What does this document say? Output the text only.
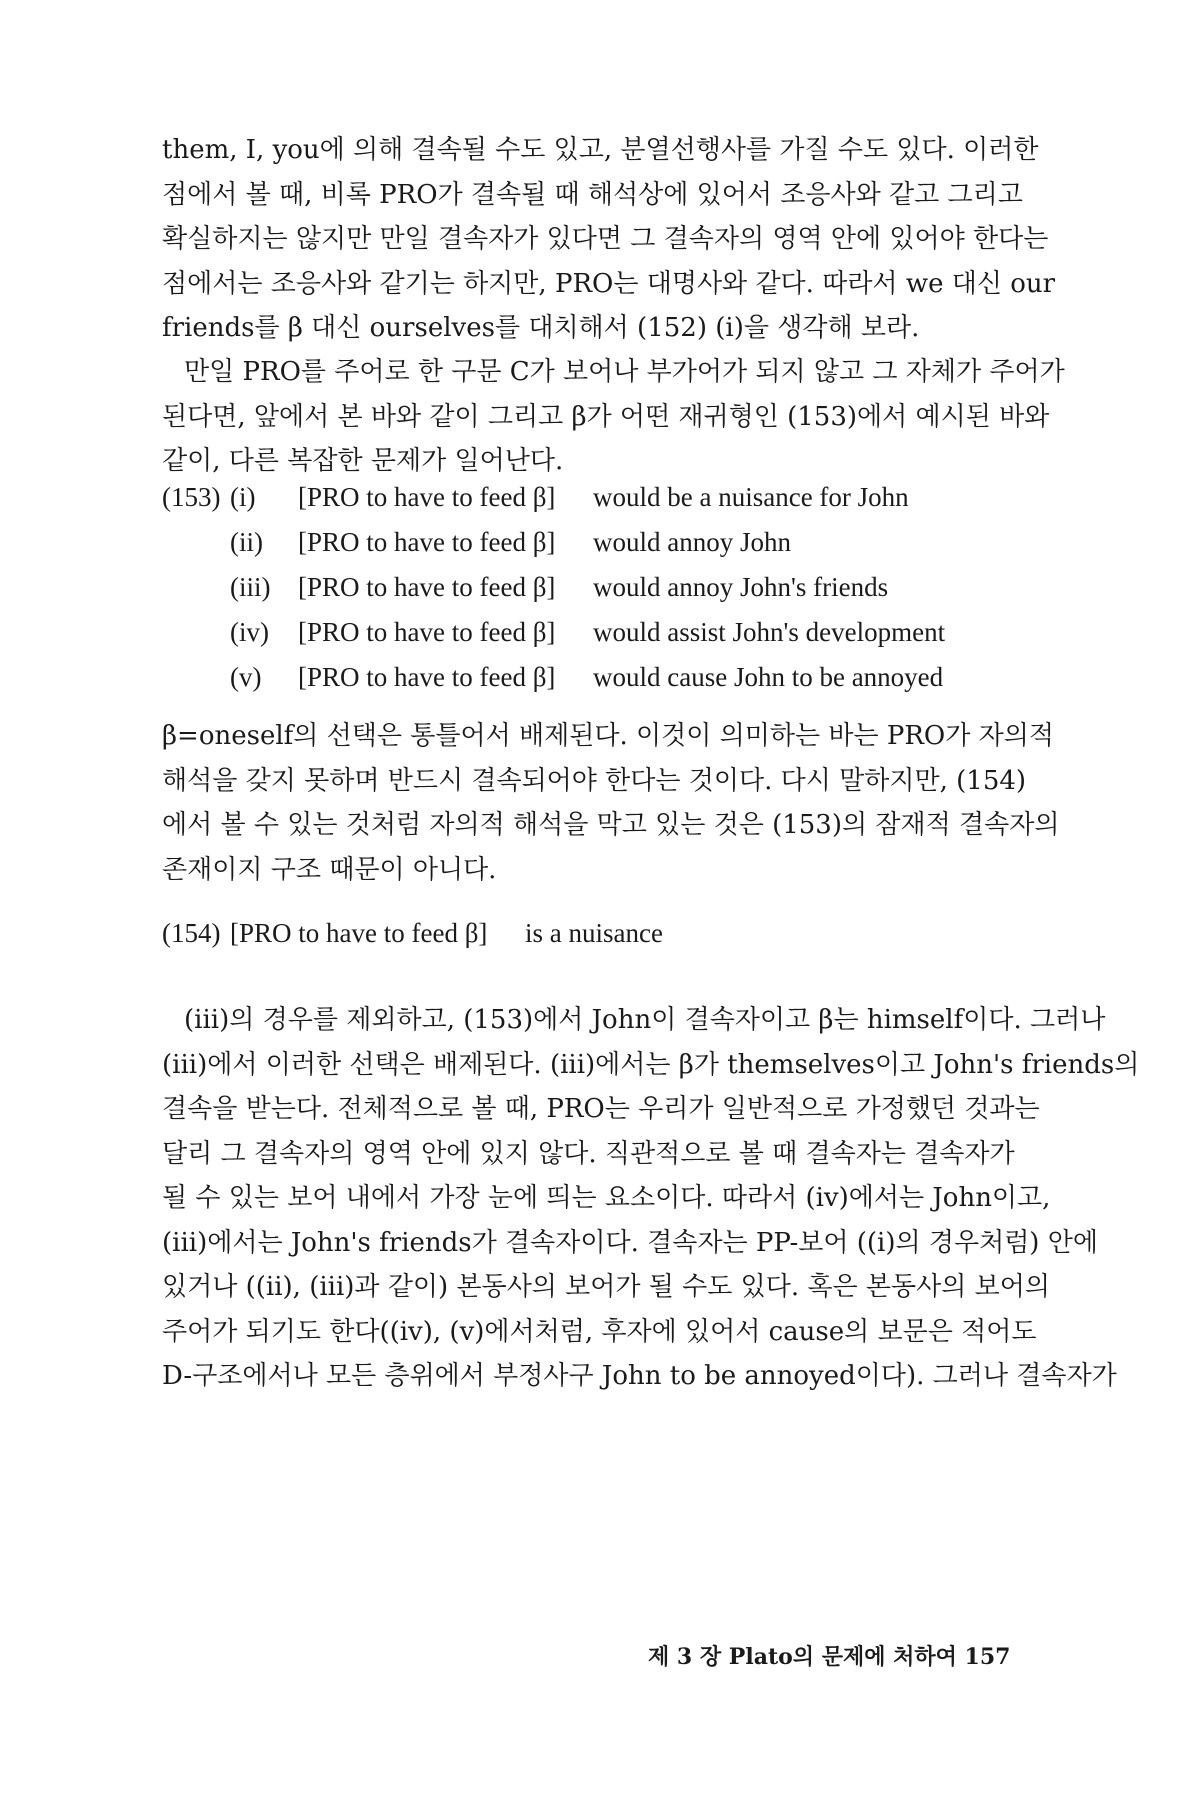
them, I, you에 의해 결속될 수도 있고, 분열선행사를 가질 수도 있다. 이러한
점에서 볼 때, 비록 PRO가 결속될 때 해석상에 있어서 조응사와 같고 그리고
확실하지는 않지만 만일 결속자가 있다면 그 결속자의 영역 안에 있어야 한다는
점에서는 조응사와 같기는 하지만, PRO는 대명사와 같다. 따라서 we 대신 our
friends를 β 대신 ourselves를 대치해서 (152) (i)을 생각해 보라.
만일 PRO를 주어로 한 구문 C가 보어나 부가어가 되지 않고 그 자체가 주어가
된다면, 앞에서 본 바와 같이 그리고 β가 어떤 재귀형인 (153)에서 예시된 바와
같이, 다른 복잡한 문제가 일어난다.
(153) (i)	[PRO to have to feed β]	would be a nuisance for John
(ii)	[PRO to have to feed β]	would annoy John
(iii)	[PRO to have to feed β]	would annoy John's friends
(iv)	[PRO to have to feed β]	would assist John's development
(v)	[PRO to have to feed β]	would cause John to be annoyed
β=oneself의 선택은 통틀어서 배제된다. 이것이 의미하는 바는 PRO가 자의적
해석을 갖지 못하며 반드시 결속되어야 한다는 것이다. 다시 말하지만, (154)
에서 볼 수 있는 것처럼 자의적 해석을 막고 있는 것은 (153)의 잠재적 결속자의
존재이지 구조 때문이 아니다.
(154) [PRO to have to feed β]	is a nuisance
(iii)의 경우를 제외하고, (153)에서 John이 결속자이고 β는 himself이다. 그러나
(iii)에서 이러한 선택은 배제된다. (iii)에서는 β가 themselves이고 John's friends의
결속을 받는다. 전체적으로 볼 때, PRO는 우리가 일반적으로 가정했던 것과는
달리 그 결속자의 영역 안에 있지 않다. 직관적으로 볼 때 결속자는 결속자가
될 수 있는 보어 내에서 가장 눈에 띄는 요소이다. 따라서 (iv)에서는 John이고,
(iii)에서는 John's friends가 결속자이다. 결속자는 PP-보어 ((i)의 경우처럼) 안에
있거나 ((ii), (iii)과 같이) 본동사의 보어가 될 수도 있다. 혹은 본동사의 보어의
주어가 되기도 한다((iv), (v)에서처럼, 후자에 있어서 cause의 보문은 적어도
D-구조에서나 모든 층위에서 부정사구 John to be annoyed이다). 그러나 결속자가
제 3 장 Plato의 문제에 처하여 157
